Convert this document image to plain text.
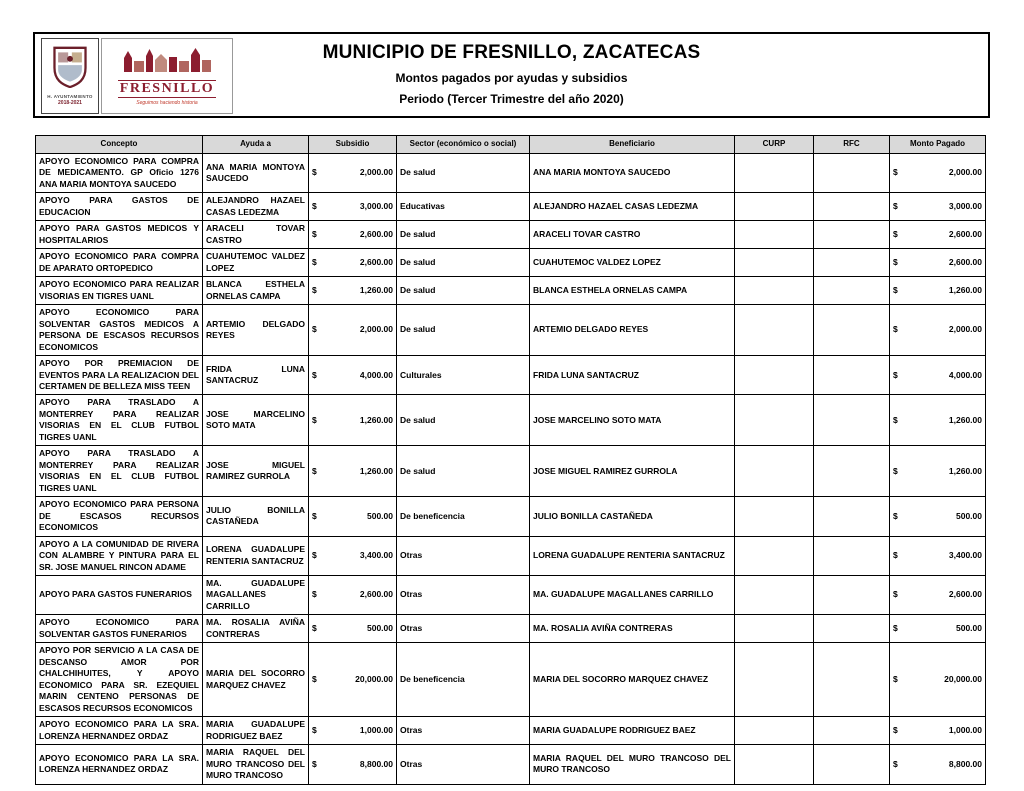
H. AYUNTAMIENTO
2018-2021
FRESNILLO
Seguimos haciendo historia
MUNICIPIO DE FRESNILLO, ZACATECAS
Montos pagados por ayudas y subsidios
Periodo (Tercer Trimestre del año 2020)
Concepto	Ayuda a	Subsidio	Sector (económico o social)	Beneficiario	CURP	RFC	Monto Pagado
APOYO ECONOMICO PARA COMPRA DE MEDICAMENTO. GP Oficio 1276 ANA MARIA MONTOYA SAUCEDO	ANA MARIA MONTOYA SAUCEDO	$ 2,000.00	De salud	ANA MARIA MONTOYA SAUCEDO			$ 2,000.00

APOYO PARA GASTOS DE EDUCACION	ALEJANDRO HAZAEL CASAS LEDEZMA	$ 3,000.00	Educativas	ALEJANDRO HAZAEL CASAS LEDEZMA			$ 3,000.00

APOYO PARA GASTOS MEDICOS Y HOSPITALARIOS	ARACELI TOVAR CASTRO	$ 2,600.00	De salud	ARACELI TOVAR CASTRO			$ 2,600.00

APOYO ECONOMICO PARA COMPRA DE APARATO ORTOPEDICO	CUAHUTEMOC VALDEZ LOPEZ	$ 2,600.00	De salud	CUAHUTEMOC VALDEZ LOPEZ			$ 2,600.00

APOYO ECONOMICO PARA REALIZAR VISORIAS EN TIGRES UANL	BLANCA ESTHELA ORNELAS CAMPA	$ 1,260.00	De salud	BLANCA ESTHELA ORNELAS CAMPA			$ 1,260.00

APOYO ECONOMICO PARA SOLVENTAR GASTOS MEDICOS A PERSONA DE ESCASOS RECURSOS ECONOMICOS	ARTEMIO DELGADO REYES	$ 2,000.00	De salud	ARTEMIO DELGADO REYES			$ 2,000.00

APOYO POR PREMIACION DE EVENTOS PARA LA REALIZACION DEL CERTAMEN DE BELLEZA MISS TEEN	FRIDA LUNA SANTACRUZ	$ 4,000.00	Culturales	FRIDA LUNA SANTACRUZ			$ 4,000.00

APOYO PARA TRASLADO A MONTERREY PARA REALIZAR VISORIAS EN EL CLUB FUTBOL TIGRES UANL	JOSE MARCELINO SOTO MATA	$ 1,260.00	De salud	JOSE MARCELINO SOTO MATA			$ 1,260.00

APOYO PARA TRASLADO A MONTERREY PARA REALIZAR VISORIAS EN EL CLUB FUTBOL TIGRES UANL	JOSE MIGUEL RAMIREZ GURROLA	$ 1,260.00	De salud	JOSE MIGUEL RAMIREZ GURROLA			$ 1,260.00

APOYO ECONOMICO PARA PERSONA DE ESCASOS RECURSOS ECONOMICOS	JULIO BONILLA CASTAÑEDA	$ 500.00	De beneficencia	JULIO BONILLA CASTAÑEDA			$ 500.00

APOYO A LA COMUNIDAD DE RIVERA CON ALAMBRE Y PINTURA PARA EL SR. JOSE MANUEL RINCON ADAME	LORENA GUADALUPE RENTERIA SANTACRUZ	$ 3,400.00	Otras	LORENA GUADALUPE RENTERIA SANTACRUZ			$ 3,400.00

APOYO PARA GASTOS FUNERARIOS	MA. GUADALUPE MAGALLANES CARRILLO	$ 2,600.00	Otras	MA. GUADALUPE MAGALLANES CARRILLO			$ 2,600.00

APOYO ECONOMICO PARA SOLVENTAR GASTOS FUNERARIOS	MA. ROSALIA AVIÑA CONTRERAS	$ 500.00	Otras	MA. ROSALIA AVIÑA CONTRERAS			$ 500.00

APOYO POR SERVICIO A LA CASA DE DESCANSO AMOR POR CHALCHIHUITES, Y APOYO ECONOMICO PARA SR. EZEQUIEL MARIN CENTENO PERSONAS DE ESCASOS RECURSOS ECONOMICOS	MARIA DEL SOCORRO MARQUEZ CHAVEZ	$ 20,000.00	De beneficencia	MARIA DEL SOCORRO MARQUEZ CHAVEZ			$ 20,000.00

APOYO ECONOMICO PARA LA SRA. LORENZA HERNANDEZ ORDAZ	MARIA GUADALUPE RODRIGUEZ BAEZ	$ 1,000.00	Otras	MARIA GUADALUPE RODRIGUEZ BAEZ			$ 1,000.00

APOYO ECONOMICO PARA LA SRA. LORENZA HERNANDEZ ORDAZ	MARIA RAQUEL DEL MURO TRANCOSO DEL MURO TRANCOSO	$ 8,800.00	Otras	MARIA RAQUEL DEL MURO TRANCOSO DEL MURO TRANCOSO			$ 8,800.00
